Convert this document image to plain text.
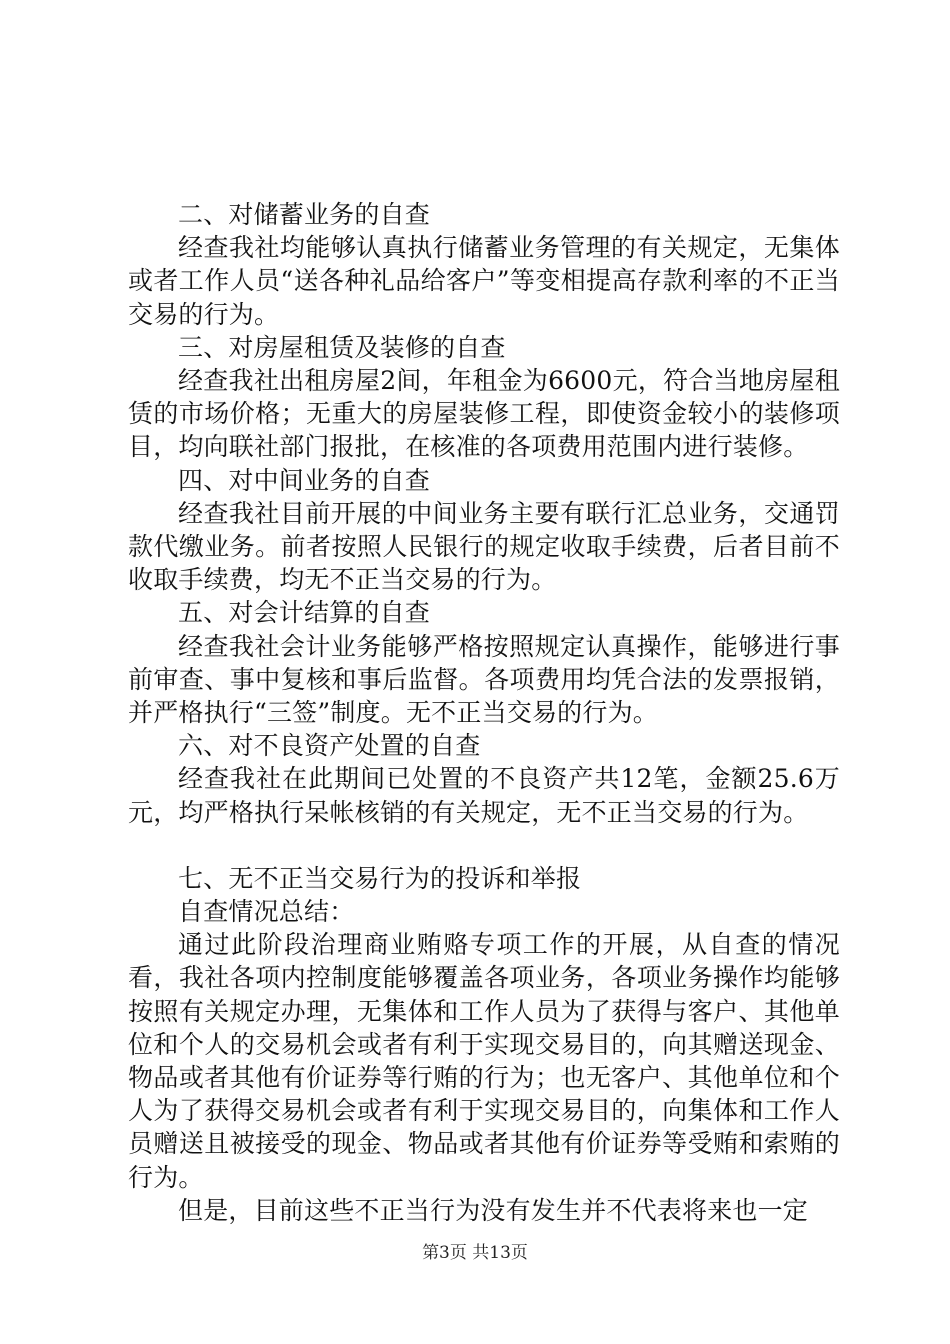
二、对储蓄业务的自查

经查我社均能够认真执行储蓄业务管理的有关规定，无集体或者工作人员“送各种礼品给客户”等变相提高存款利率的不正当交易的行为。

三、对房屋租赁及装修的自查

经查我社出租房屋2间，年租金为6600元，符合当地房屋租赁的市场价格；无重大的房屋装修工程，即使资金较小的装修项目，均向联社部门报批，在核准的各项费用范围内进行装修。

四、对中间业务的自查

经查我社目前开展的中间业务主要有联行汇总业务，交通罚款代缴业务。前者按照人民银行的规定收取手续费，后者目前不收取手续费，均无不正当交易的行为。

五、对会计结算的自查

经查我社会计业务能够严格按照规定认真操作，能够进行事前审查、事中复核和事后监督。各项费用均凭合法的发票报销，并严格执行“三签”制度。无不正当交易的行为。

六、对不良资产处置的自查

经查我社在此期间已处置的不良资产共12笔，金额25.6万元，均严格执行呆帐核销的有关规定，无不正当交易的行为。

七、无不正当交易行为的投诉和举报

自查情况总结：

通过此阶段治理商业贿赂专项工作的开展，从自查的情况看，我社各项内控制度能够覆盖各项业务，各项业务操作均能够按照有关规定办理，无集体和工作人员为了获得与客户、其他单位和个人的交易机会或者有利于实现交易目的，向其赠送现金、物品或者其他有价证券等行贿的行为；也无客户、其他单位和个人为了获得交易机会或者有利于实现交易目的，向集体和工作人员赠送且被接受的现金、物品或者其他有价证券等受贿和索贿的行为。

但是，目前这些不正当行为没有发生并不代表将来也一定

第3页 共13页
